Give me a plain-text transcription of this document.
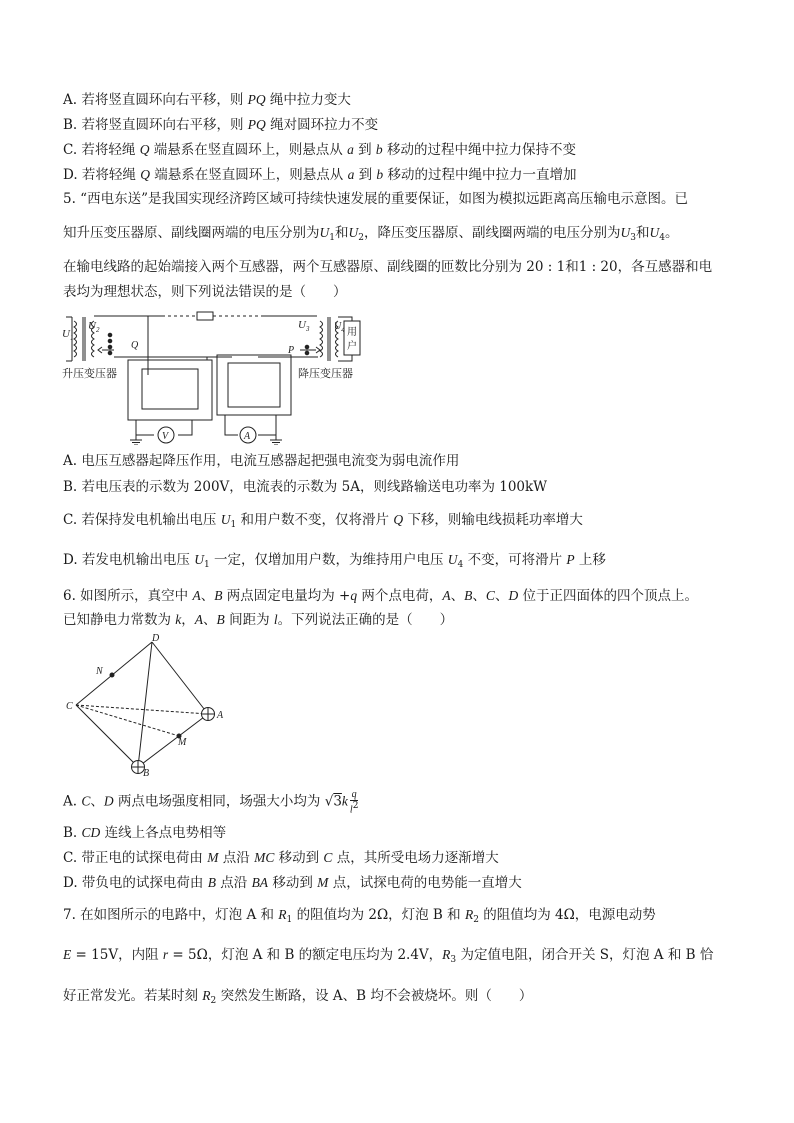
A. 若将竖直圆环向右平移，则 PQ 绳中拉力变大
B. 若将竖直圆环向右平移，则 PQ 绳对圆环拉力不变
C. 若将轻绳 Q 端悬系在竖直圆环上，则悬点从 a 到 b 移动的过程中绳中拉力保持不变
D. 若将轻绳 Q 端悬系在竖直圆环上，则悬点从 a 到 b 移动的过程中绳中拉力一直增加
5. “西电东送”是我国实现经济跨区域可持续快速发展的重要保证，如图为模拟远距离高压输电示意图。已
知升压变压器原、副线圈两端的电压分别为$U_1$和$U_2$，降压变压器原、副线圈两端的电压分别为$U_3$和$U_4$。
在输电线路的起始端接入两个互感器，两个互感器原、副线圈的匝数比分别为 20 : 1和1 : 20，各互感器和电
表均为理想状态，则下列说法错误的是（　　）
$U_1$
$U_2$
Q
$U_3$ $U_4$
P
用
户
升压变压器	降压变压器
V	A
A. 电压互感器起降压作用，电流互感器起把强电流变为弱电流作用
B. 若电压表的示数为 200V，电流表的示数为 5A，则线路输送电功率为 100kW
C. 若保持发电机输出电压 $U_1$ 和用户数不变，仅将滑片 Q 下移，则输电线损耗功率增大
D. 若发电机输出电压 $U_1$ 一定，仅增加用户数，为维持用户电压 $U_4$ 不变，可将滑片 P 上移
6. 如图所示，真空中 A、B 两点固定电量均为 +q 两个点电荷，A、B、C、D 位于正四面体的四个顶点上。
已知静电力常数为 k，A、B 间距为 l。下列说法正确的是（　　）
D
N
C
A
M
B
A. C、D 两点电场强度相同，场强大小均为 $√3k \frac{q}{l^2}$
B. CD 连线上各点电势相等
C. 带正电的试探电荷由 M 点沿 MC 移动到 C 点，其所受电场力逐渐增大
D. 带负电的试探电荷由 B 点沿 BA 移动到 M 点，试探电荷的电势能一直增大
7. 在如图所示的电路中，灯泡 A 和 $R_1$ 的阻值均为 2Ω，灯泡 B 和 $R_2$ 的阻值均为 4Ω，电源电动势
E = 15V，内阻 r = 5Ω，灯泡 A 和 B 的额定电压均为 2.4V，$R_3$ 为定值电阻，闭合开关 S，灯泡 A 和 B 恰
好正常发光。若某时刻 $R_2$ 突然发生断路，设 A、B 均不会被烧坏。则（　　）
